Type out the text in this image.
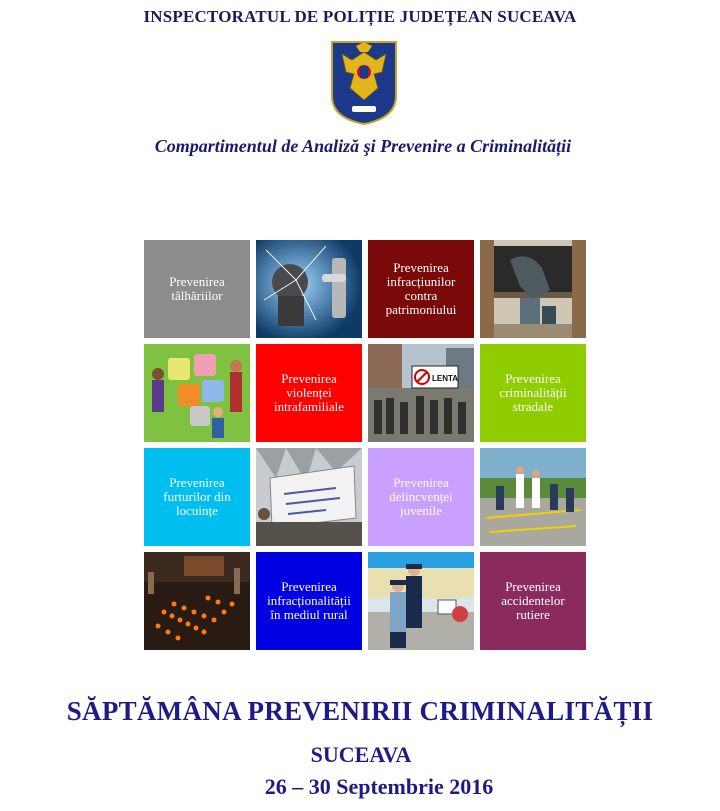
INSPECTORATUL DE POLIȚIE JUDEȚEAN SUCEAVA
Compartimentul de Analiză şi Prevenire a Criminalității
Prevenirea tâlhăriilor
Prevenirea infracțiunilor contra patrimoniului
Prevenirea violenței intrafamiliale
LENTA	Prevenirea criminalității stradale
Prevenirea furturilor din locuințe
Prevenirea delincvenței juvenile
Prevenirea infracționalității în mediul rural
Prevenirea accidentelor rutiere
SĂPTĂMÂNA PREVENIRII CRIMINALITĂȚII
SUCEAVA
26 – 30 Septembrie 2016
